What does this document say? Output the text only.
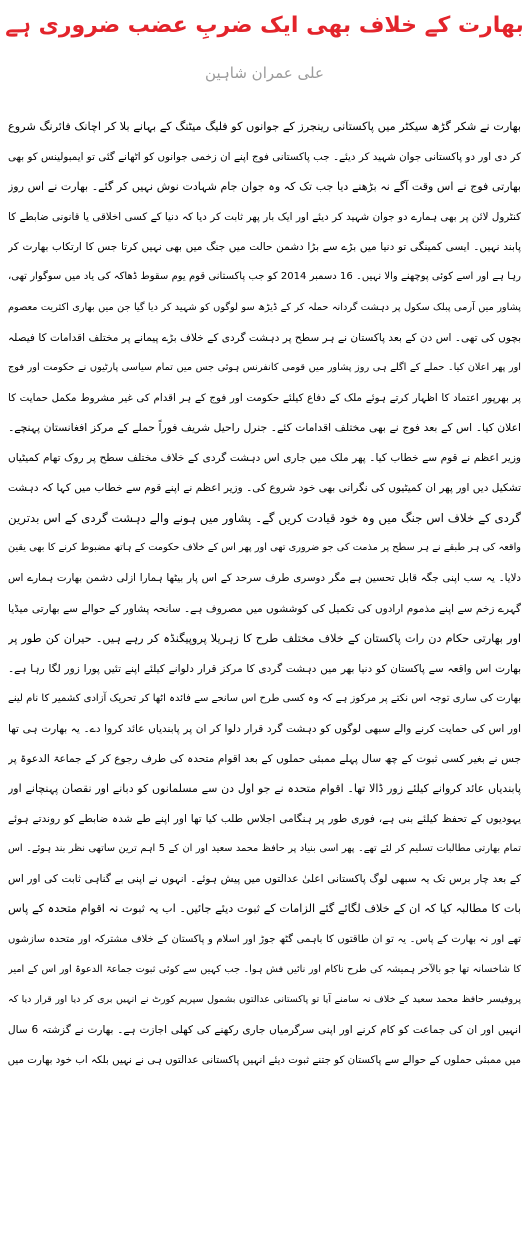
بھارت کے خلاف بھی ایک ضربِ عضب ضروری ہے
علی عمران شاہین
بھارت نے شکر گڑھ سیکٹر میں پاکستانی رینجرز کے جوانوں کو فلیگ میٹنگ کے بہانے بلا کر اچانک فائرنگ شروع
کر دی اور دو پاکستانی جوان شہید کر دیئے۔ جب پاکستانی فوج اپنے ان زخمی جوانوں کو اٹھانے گئی تو ایمبولینس کو بھی
بھارتی فوج نے اس وقت آگے نہ بڑھنے دیا جب تک کہ وہ جوان جام شہادت نوش نہیں کر گئے۔ بھارت نے اس روز
کنٹرول لائن پر بھی ہمارے دو جوان شہید کر دیئے اور ایک بار پھر ثابت کر دیا کہ دنیا کے کسی اخلاقی یا قانونی ضابطے کا
پابند نہیں۔ ایسی کمینگی تو دنیا میں بڑے سے بڑا دشمن حالت میں جنگ میں بھی نہیں کرتا جس کا ارتکاب بھارت کر
رہا ہے اور اسے کوئی پوچھنے والا نہیں۔ 16 دسمبر 2014 کو جب پاکستانی قوم یوم سقوط ڈھاکہ کی یاد میں سوگوار تھی،
پشاور میں آرمی پبلک سکول پر دہشت گردانہ حملہ کر کے ڈیڑھ سو لوگوں کو شہید کر دیا گیا جن میں بھاری اکثریت معصوم
بچوں کی تھی۔ اس دن کے بعد پاکستان نے ہر سطح پر دہشت گردی کے خلاف بڑے پیمانے پر مختلف اقدامات کا فیصلہ
اور پھر اعلان کیا۔ حملے کے اگلے ہی روز پشاور میں قومی کانفرنس ہوئی جس میں تمام سیاسی پارٹیوں نے حکومت اور فوج
پر بھرپور اعتماد کا اظہار کرتے ہوئے ملک کے دفاع کیلئے حکومت اور فوج کے ہر اقدام کی غیر مشروط مکمل حمایت کا
اعلان کیا۔ اس کے بعد فوج نے بھی مختلف اقدامات کئے۔ جنرل راحیل شریف فوراً حملے کے مرکز افغانستان پہنچے۔
وزیر اعظم نے قوم سے خطاب کیا۔ پھر ملک میں جاری اس دہشت گردی کے خلاف مختلف سطح پر روک تھام کمیٹیاں
تشکیل دیں اور پھر ان کمیٹیوں کی نگرانی بھی خود شروع کی۔ وزیر اعظم نے اپنے قوم سے خطاب میں کہا کہ دہشت
گردی کے خلاف اس جنگ میں وہ خود قیادت کریں گے۔ پشاور میں ہونے والے دہشت گردی کے اس بدترین
واقعہ کی ہر طبقے نے ہر سطح پر مذمت کی جو ضروری تھی اور پھر اس کے خلاف حکومت کے ہاتھ مضبوط کرنے کا بھی یقین
دلایا۔ یہ سب اپنی جگہ قابل تحسین ہے مگر دوسری طرف سرحد کے اس پار بیٹھا ہمارا ازلی دشمن بھارت ہمارے اس
گہرے زخم سے اپنے مذموم ارادوں کی تکمیل کی کوششوں میں مصروف ہے۔ سانحہ پشاور کے حوالے سے بھارتی میڈیا
اور بھارتی حکام دن رات پاکستان کے خلاف مختلف طرح کا زہریلا پروپیگنڈہ کر رہے ہیں۔ حیران کن طور پر
بھارت اس واقعہ سے پاکستان کو دنیا بھر میں دہشت گردی کا مرکز قرار دلوانے کیلئے اپنے تئیں پورا زور لگا رہا ہے۔
بھارت کی ساری توجہ اس نکتے پر مرکوز ہے کہ وہ کسی طرح اس سانحے سے فائدہ اٹھا کر تحریک آزادی کشمیر کا نام لینے
اور اس کی حمایت کرنے والے سبھی لوگوں کو دہشت گرد قرار دلوا کر ان پر پابندیاں عائد کروا دے۔ یہ بھارت ہی تھا
جس نے بغیر کسی ثبوت کے چھ سال پہلے ممبئی حملوں کے بعد اقوام متحدہ کی طرف رجوع کر کے جماعۃ الدعوۃ پر
پابندیاں عائد کروانے کیلئے زور ڈالا تھا۔ اقوام متحدہ نے جو اول دن سے مسلمانوں کو دبانے اور نقصان پہنچانے اور
یہودیوں کے تحفظ کیلئے بنی ہے، فوری طور پر ہنگامی اجلاس طلب کیا تھا اور اپنے طے شدہ ضابطے کو روندتے ہوئے
تمام بھارتی مطالبات تسلیم کر لئے تھے۔ پھر اسی بنیاد پر حافظ محمد سعید اور ان کے 5 اہم ترین ساتھی نظر بند ہوئے۔ اس
کے بعد چار برس تک یہ سبھی لوگ پاکستانی اعلیٰ عدالتوں میں پیش ہوئے۔ انہوں نے اپنی بے گناہی ثابت کی اور اس
بات کا مطالبہ کیا کہ ان کے خلاف لگائے گئے الزامات کے ثبوت دیئے جائیں۔ اب یہ ثبوت نہ اقوام متحدہ کے پاس
تھے اور نہ بھارت کے پاس۔ یہ تو ان طاقتوں کا باہمی گٹھ جوڑ اور اسلام و پاکستان کے خلاف مشترکہ اور متحدہ سازشوں
کا شاخسانہ تھا جو بالآخر ہمیشہ کی طرح ناکام اور نائیں فش ہوا۔ جب کہیں سے کوئی ثبوت جماعۃ الدعوۃ اور اس کے امیر
پروفیسر حافظ محمد سعید کے خلاف نہ سامنے آیا تو پاکستانی عدالتوں بشمول سپریم کورٹ نے انہیں بری کر دیا اور قرار دیا کہ
انہیں اور ان کی جماعت کو کام کرنے اور اپنی سرگرمیاں جاری رکھنے کی کھلی اجازت ہے۔ بھارت نے گزشتہ 6 سال
میں ممبئی حملوں کے حوالے سے پاکستان کو جتنے ثبوت دیئے انہیں پاکستانی عدالتوں ہی نے نہیں بلکہ اب خود بھارت میں
